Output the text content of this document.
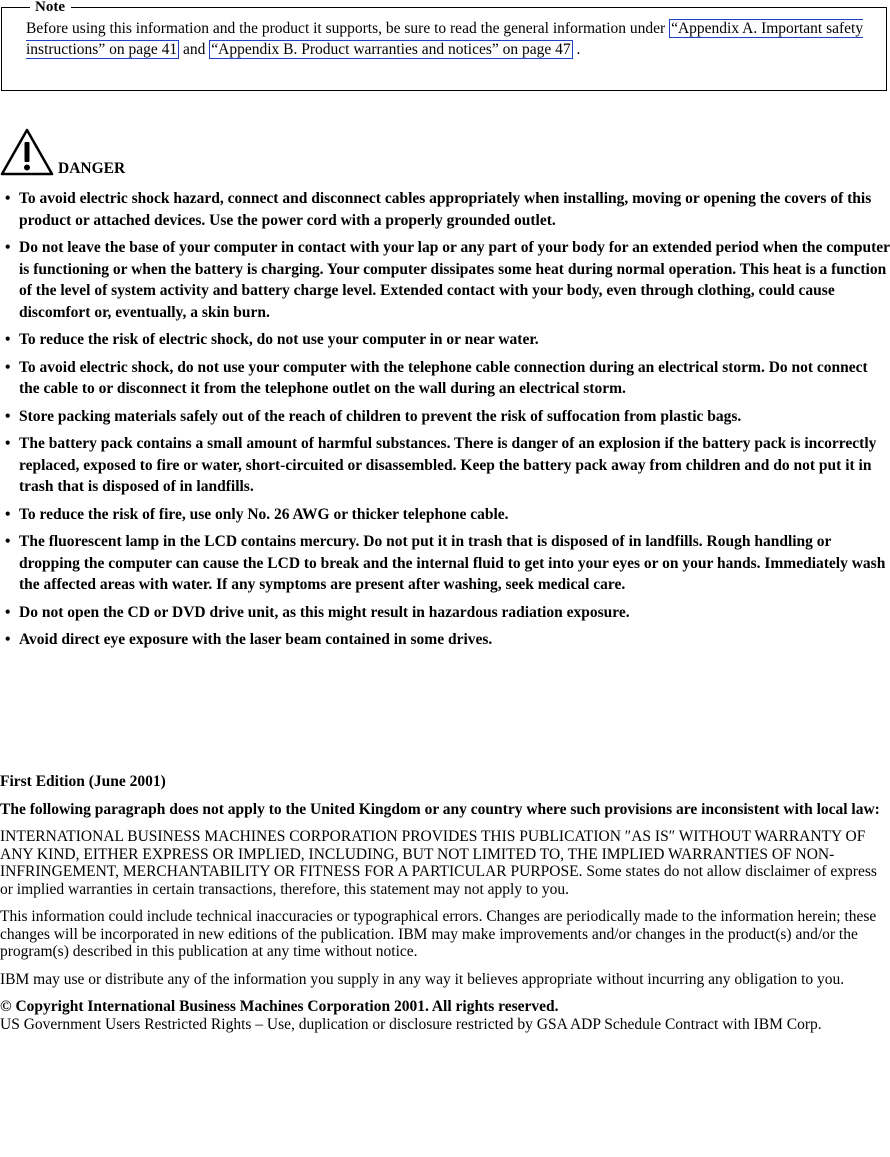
Note
Before using this information and the product it supports, be sure to read the general information under “Appendix A. Important safety instructions” on page 41 and “Appendix B. Product warranties and notices” on page 47 .
DANGER
• To avoid electric shock hazard, connect and disconnect cables appropriately when installing, moving or opening the covers of this product or attached devices. Use the power cord with a properly grounded outlet.
• Do not leave the base of your computer in contact with your lap or any part of your body for an extended period when the computer is functioning or when the battery is charging. Your computer dissipates some heat during normal operation. This heat is a function of the level of system activity and battery charge level. Extended contact with your body, even through clothing, could cause discomfort or, eventually, a skin burn.
• To reduce the risk of electric shock, do not use your computer in or near water.
• To avoid electric shock, do not use your computer with the telephone cable connection during an electrical storm. Do not connect the cable to or disconnect it from the telephone outlet on the wall during an electrical storm.
• Store packing materials safely out of the reach of children to prevent the risk of suffocation from plastic bags.
• The battery pack contains a small amount of harmful substances. There is danger of an explosion if the battery pack is incorrectly replaced, exposed to fire or water, short-circuited or disassembled. Keep the battery pack away from children and do not put it in trash that is disposed of in landfills.
• To reduce the risk of fire, use only No. 26 AWG or thicker telephone cable.
• The fluorescent lamp in the LCD contains mercury. Do not put it in trash that is disposed of in landfills. Rough handling or dropping the computer can cause the LCD to break and the internal fluid to get into your eyes or on your hands. Immediately wash the affected areas with water. If any symptoms are present after washing, seek medical care.
• Do not open the CD or DVD drive unit, as this might result in hazardous radiation exposure.
• Avoid direct eye exposure with the laser beam contained in some drives.

First Edition (June 2001)

The following paragraph does not apply to the United Kingdom or any country where such provisions are inconsistent with local law:

INTERNATIONAL BUSINESS MACHINES CORPORATION PROVIDES THIS PUBLICATION ″AS IS″ WITHOUT WARRANTY OF ANY KIND, EITHER EXPRESS OR IMPLIED, INCLUDING, BUT NOT LIMITED TO, THE IMPLIED WARRANTIES OF NON-INFRINGEMENT, MERCHANTABILITY OR FITNESS FOR A PARTICULAR PURPOSE. Some states do not allow disclaimer of express or implied warranties in certain transactions, therefore, this statement may not apply to you.

This information could include technical inaccuracies or typographical errors. Changes are periodically made to the information herein; these changes will be incorporated in new editions of the publication. IBM may make improvements and/or changes in the product(s) and/or the program(s) described in this publication at any time without notice.

IBM may use or distribute any of the information you supply in any way it believes appropriate without incurring any obligation to you.

© Copyright International Business Machines Corporation 2001. All rights reserved.

US Government Users Restricted Rights – Use, duplication or disclosure restricted by GSA ADP Schedule Contract with IBM Corp.
